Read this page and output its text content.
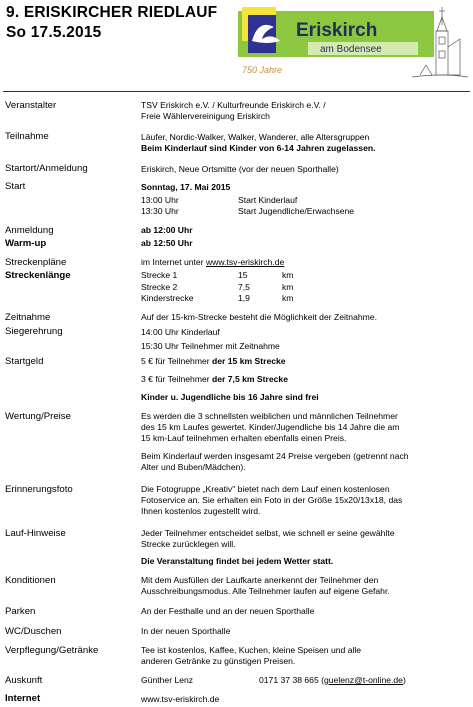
9. ERISKIRCHER RIEDLAUF
So 17.5.2015	Eriskirch
am Bodensee
750 Jahre
Veranstalter	TSV Eriskirch e.V. / Kulturfreunde Eriskirch e.V. /
Freie Wählervereinigung Eriskirch
Teilnahme	Läufer, Nordic-Walker, Walker, Wanderer, alle Altersgruppen
Beim Kinderlauf sind Kinder von 6-14 Jahren zugelassen.
Startort/Anmeldung	Eriskirch, Neue Ortsmitte (vor der neuen Sporthalle)
Start	Sonntag, 17. Mai 2015
13:00 Uhr	Start Kinderlauf
13:30 Uhr	Start Jugendliche/Erwachsene
Anmeldung	ab 12:00 Uhr
Warm-up	ab 12:50 Uhr
Streckenpläne	im Internet unter www.tsv-eriskirch.de
Streckenlänge	Strecke 1	15	km
Strecke 2	7,5	km
Kinderstrecke	1,9	km
Zeitnahme	Auf der 15-km-Strecke besteht die Möglichkeit der Zeitnahme.
Siegerehrung	14:00 Uhr Kinderlauf
15:30 Uhr Teilnehmer mit Zeitnahme
Startgeld	5 € für Teilnehmer der 15 km Strecke
3 € für Teilnehmer der 7,5 km Strecke
Kinder u. Jugendliche bis 16 Jahre sind frei
Wertung/Preise	Es werden die 3 schnellsten weiblichen und männlichen Teilnehmer
des 15 km Laufes gewertet. Kinder/Jugendliche bis 14 Jahre die am
15 km-Lauf teilnehmen erhalten ebenfalls einen Preis.
Beim Kinderlauf werden insgesamt 24 Preise vergeben (getrennt nach
Alter und Buben/Mädchen).
Erinnerungsfoto	Die Fotogruppe „Kreativ" bietet nach dem Lauf einen kostenlosen
Fotoservice an. Sie erhalten ein Foto in der Größe 15x20/13x18, das
Ihnen kostenlos zugestellt wird.
Lauf-Hinweise	Jeder Teilnehmer entscheidet selbst, wie schnell er seine gewählte
Strecke zurücklegen will.
Die Veranstaltung findet bei jedem Wetter statt.
Konditionen	Mit dem Ausfüllen der Laufkarte anerkennt der Teilnehmer den
Ausschreibungsmodus. Alle Teilnehmer laufen auf eigene Gefahr.
Parken	An der Festhalle und an der neuen Sporthalle
WC/Duschen	In der neuen Sporthalle
Verpflegung/Getränke	Tee ist kostenlos, Kaffee, Kuchen, kleine Speisen und alle
anderen Getränke zu günstigen Preisen.
Auskunft	Günther Lenz	0171 37 38 665 (guelenz@t-online.de)
Internet	www.tsv-eriskirch.de
